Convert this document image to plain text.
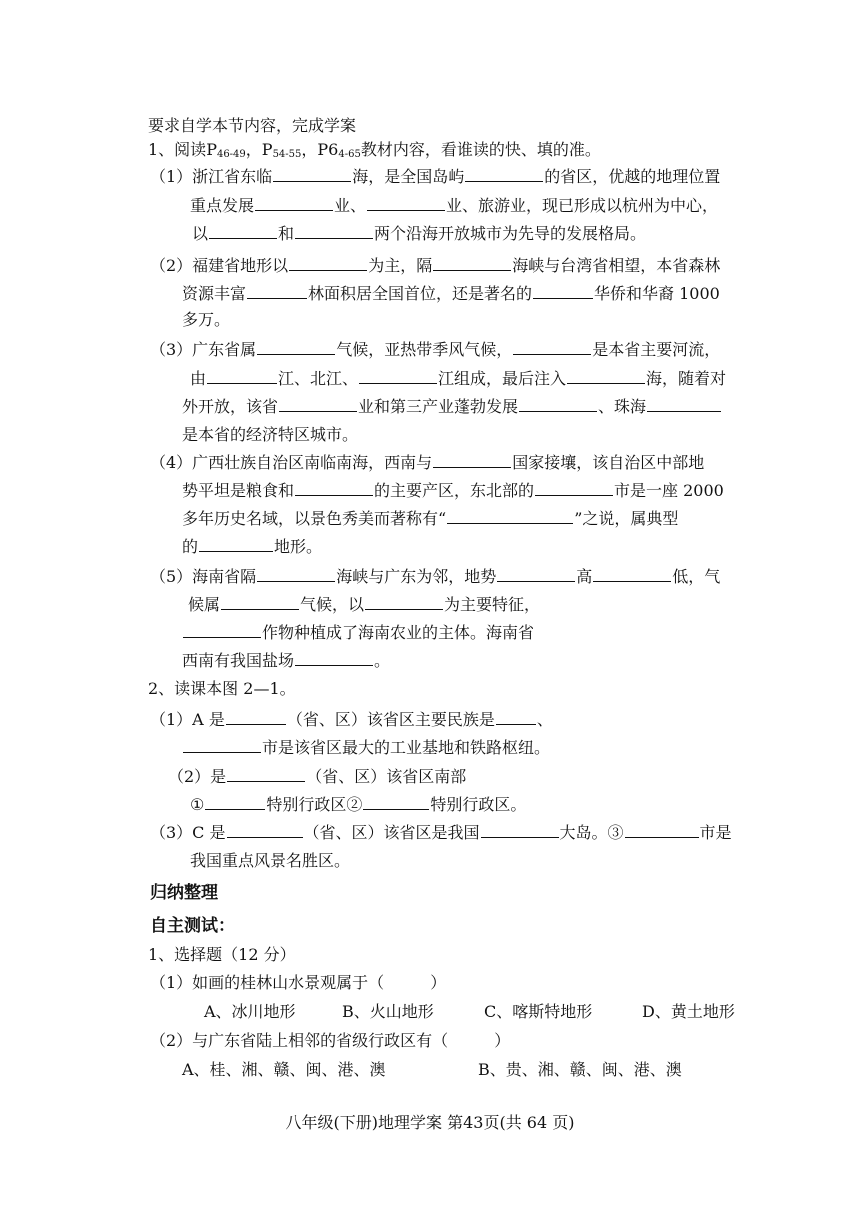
要求自学本节内容，完成学案
1、阅读$P_{46-49}$，$P_{54-55}$，$P6_{4-65}$教材内容，看谁读的快、填的准。
（1）浙江省东临	海，是全国岛屿	的省区，优越的地理位置
重点发展	业、	业、旅游业，现已形成以杭州为中心，
以	和	两个沿海开放城市为先导的发展格局。
（2）福建省地形以	为主，隔	海峡与台湾省相望，本省森林
资源丰富	林面积居全国首位，还是著名的	华侨和华裔 1000
多万。
（3）广东省属	气候，亚热带季风气候，	是本省主要河流，
由	江、北江、	江组成，最后注入	海，随着对
外开放，该省	业和第三产业蓬勃发展	、珠海
是本省的经济特区城市。
（4）广西壮族自治区南临南海，西南与	国家接壤，该自治区中部地
势平坦是粮食和	的主要产区，东北部的	市是一座 2000
多年历史名域，以景色秀美而著称有“	”之说，属典型
的	地形。
（5）海南省隔	海峡与广东为邻，地势	高	低，气
候属	气候，以	为主要特征，
作物种植成了海南农业的主体。海南省
西南有我国盐场	。
2、读课本图 2—1。
（1）A 是	（省、区）该省区主要民族是	、
市是该省区最大的工业基地和铁路枢纽。
（2）是	（省、区）该省区南部
①	特别行政区②	特别行政区。
（3）C 是	（省、区）该省区是我国	大岛。③	市是
我国重点风景名胜区。
归纳整理
自主测试：
1、选择题（12 分）
（1）如画的桂林山水景观属于（	）
A、冰川地形	B、火山地形	C、喀斯特地形	D、黄土地形
（2）与广东省陆上相邻的省级行政区有（	）
A、桂、湘、赣、闽、港、澳	B、贵、湘、赣、闽、港、澳
八年级(下册)地理学案 第43页(共 64 页)
